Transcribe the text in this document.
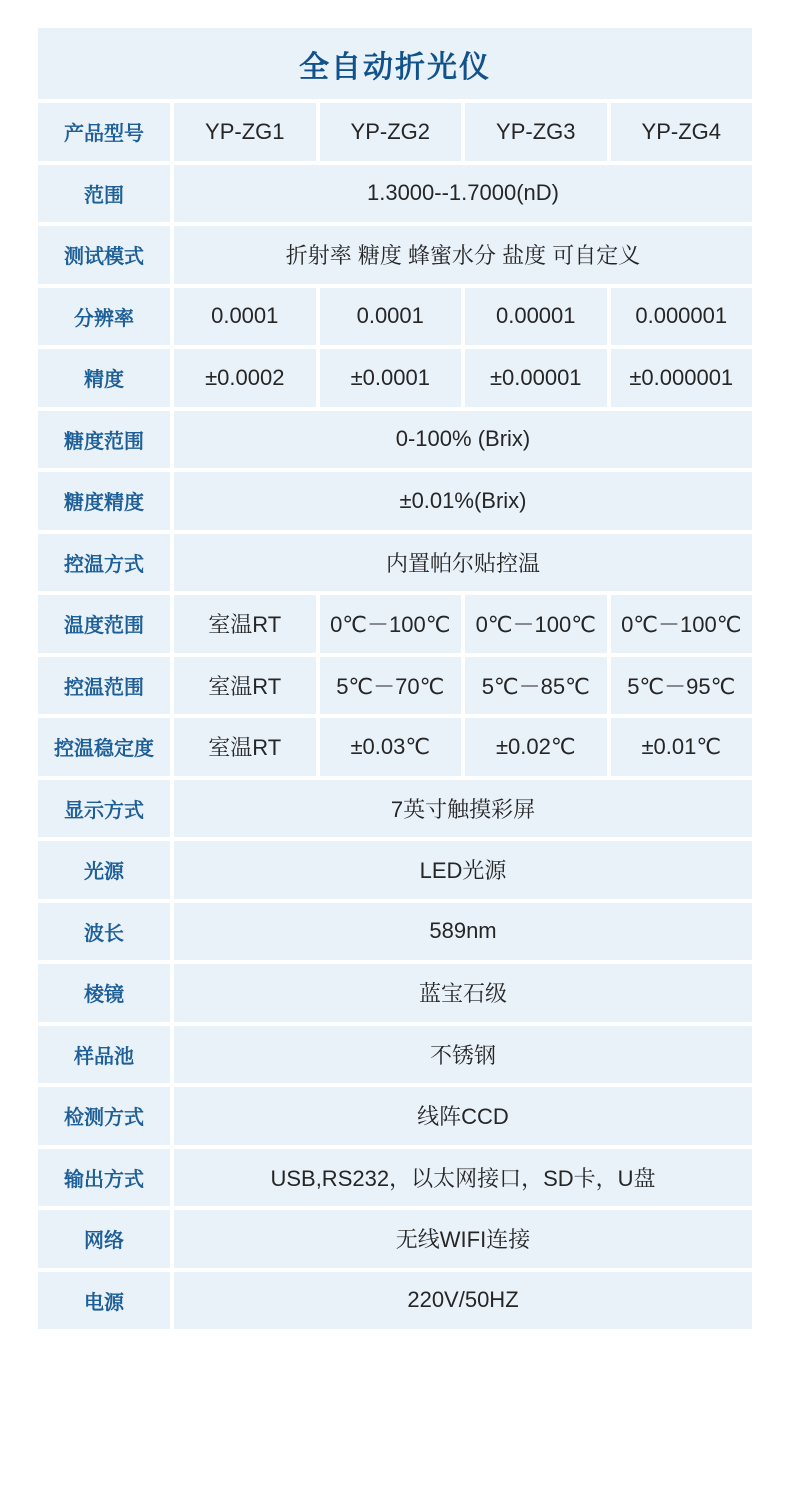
全自动折光仪
产品型号	YP-ZG1	YP-ZG2	YP-ZG3	YP-ZG4
范围	1.3000--1.7000(nD)
测试模式	折射率 糖度 蜂蜜水分 盐度 可自定义
分辨率	0.0001	0.0001	0.00001	0.000001
精度	±0.0002	±0.0001	±0.00001	±0.000001
糖度范围	0-100% (Brix)
糖度精度	±0.01%(Brix)
控温方式	内置帕尔贴控温
温度范围	室温RT	0℃－100℃	0℃－100℃	0℃－100℃
控温范围	室温RT	5℃－70℃	5℃－85℃	5℃－95℃
控温稳定度	室温RT	±0.03℃	±0.02℃	±0.01℃
显示方式	7英寸触摸彩屏
光源	LED光源
波长	589nm
棱镜	蓝宝石级
样品池	不锈钢
检测方式	线阵CCD
输出方式	USB,RS232，以太网接口，SD卡，U盘
网络	无线WIFI连接
电源	220V/50HZ
